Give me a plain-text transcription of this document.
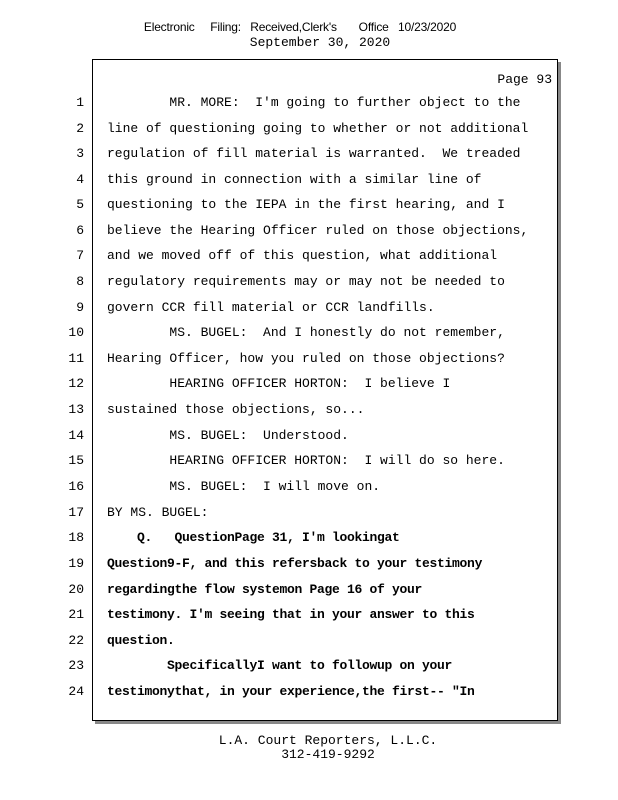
Electronic     Filing:   Received,Clerk's       Office   10/23/2020
September 30, 2020
Page 93
1
2
3
4
5
6
7
8
9
10
11
12
13
14
15
16
17
18
19
20
21
22
23
24
MR. MORE:  I'm going to further object to the
line of questioning going to whether or not additional
regulation of fill material is warranted.  We treaded
this ground in connection with a similar line of
questioning to the IEPA in the first hearing, and I
believe the Hearing Officer ruled on those objections,
and we moved off of this question, what additional
regulatory requirements may or may not be needed to
govern CCR fill material or CCR landfills.
MS. BUGEL:  And I honestly do not remember,
Hearing Officer, how you ruled on those objections?
HEARING OFFICER HORTON:  I believe I
sustained those objections, so...
MS. BUGEL:  Understood.
HEARING OFFICER HORTON:  I will do so here.
MS. BUGEL:  I will move on.
BY MS. BUGEL:
Q.   QuestionPage 31, I'm lookingat
Question9-F, and this refersback to your testimony
regardingthe flow systemon Page 16 of your
testimony. I'm seeing that in your answer to this
question.
SpecificallyI want to followup on your
testimonythat, in your experience,the first-- "In
L.A. Court Reporters, L.L.C.
312-419-9292
